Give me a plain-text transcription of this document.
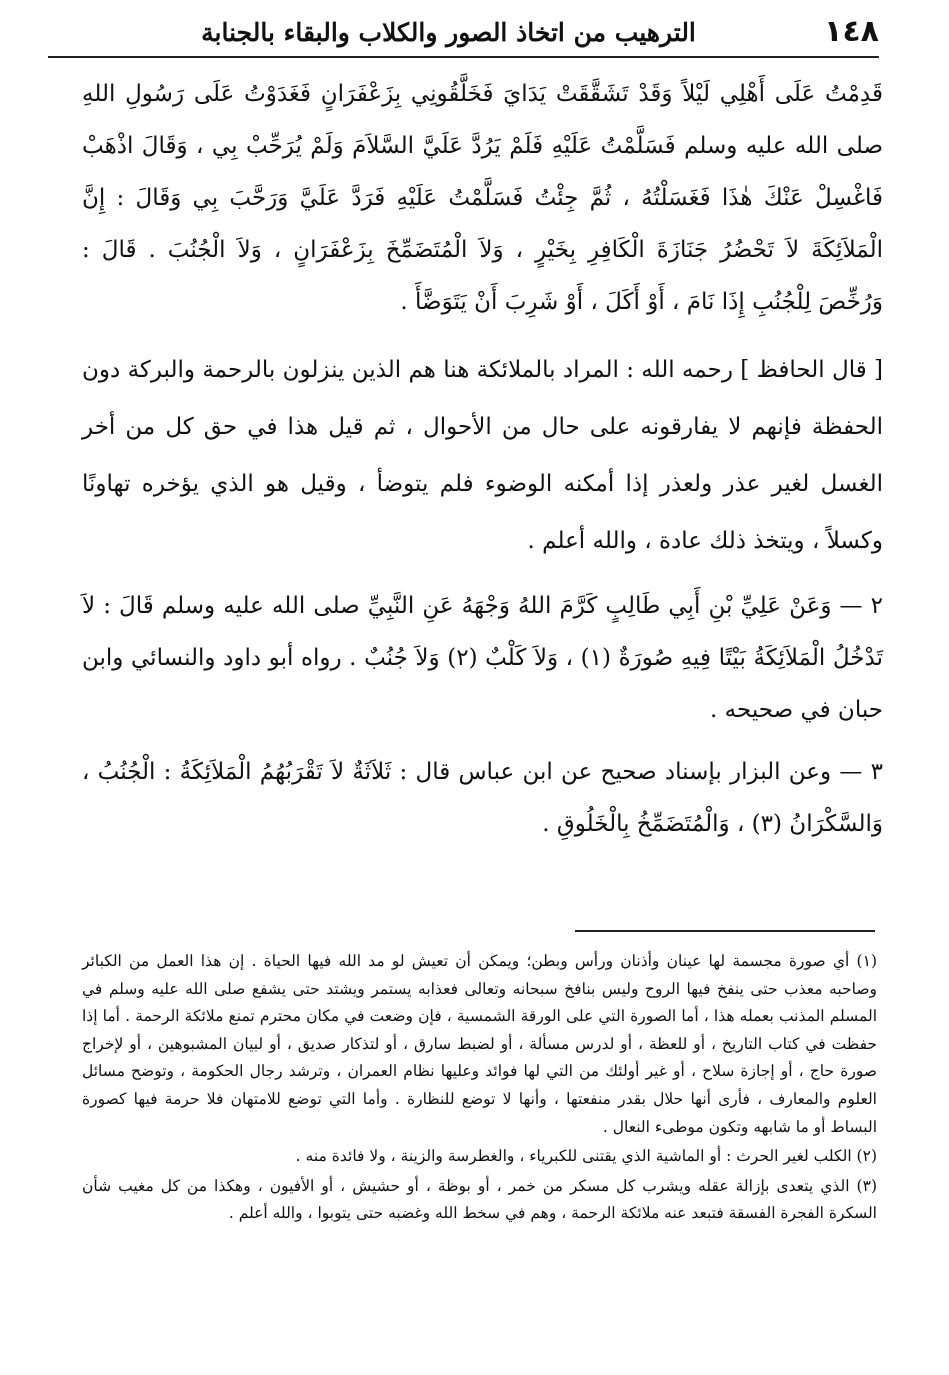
١٤٨
الترهيب من اتخاذ الصور والكلاب والبقاء بالجنابة

قَدِمْتُ عَلَى أَهْلِي لَيْلاً وَقَدْ تَشَقَّقَتْ يَدَايَ فَخَلَّقُونِي بِزَعْفَرَانٍ فَغَدَوْتُ عَلَى رَسُولِ اللهِ صلى الله عليه وسلم فَسَلَّمْتُ عَلَيْهِ فَلَمْ يَرُدَّ عَلَيَّ السَّلاَمَ وَلَمْ يُرَحِّبْ بِي ، وَقَالَ اذْهَبْ فَاغْسِلْ عَنْكَ هٰذَا فَغَسَلْتُهُ ، ثُمَّ جِئْتُ فَسَلَّمْتُ عَلَيْهِ فَرَدَّ عَلَيَّ وَرَحَّبَ بِي وَقَالَ : إِنَّ الْمَلاَئِكَةَ لاَ تَحْضُرُ جَنَازَةَ الْكَافِرِ بِخَيْرٍ ، وَلاَ الْمُتَضَمِّخَ بِزَعْفَرَانٍ ، وَلاَ الْجُنُبَ . قَالَ : وَرُخِّصَ لِلْجُنُبِ إِذَا نَامَ ، أَوْ أَكَلَ ، أَوْ شَرِبَ أَنْ يَتَوَضَّأَ .

[ قال الحافظ ] رحمه الله : المراد بالملائكة هنا هم الذين ينزلون بالرحمة والبركة دون الحفظة فإنهم لا يفارقونه على حال من الأحوال ، ثم قيل هذا في حق كل من أخر الغسل لغير عذر ولعذر إذا أمكنه الوضوء فلم يتوضأ ، وقيل هو الذي يؤخره تهاونًا وكسلاً ، ويتخذ ذلك عادة ، والله أعلم .

٢ — وَعَنْ عَلِيِّ بْنِ أَبِي طَالِبٍ كَرَّمَ اللهُ وَجْهَهُ عَنِ النَّبِيِّ صلى الله عليه وسلم قَالَ : لاَ تَدْخُلُ الْمَلاَئِكَةُ بَيْتًا فِيهِ صُورَةٌ (١) ، وَلاَ كَلْبٌ (٢) وَلاَ جُنُبٌ . رواه أبو داود والنسائي وابن حبان في صحيحه .

٣ — وعن البزار بإسناد صحيح عن ابن عباس قال : ثَلاَثَةٌ لاَ تَقْرَبُهُمُ الْمَلاَئِكَةُ : الْجُنُبُ ، وَالسَّكْرَانُ (٣) ، وَالْمُتَضَمِّخُ بِالْخَلُوقِ .

(١) أي صورة مجسمة لها عينان وأذنان ورأس وبطن؛ ويمكن أن تعيش لو مد الله فيها الحياة . إن هذا العمل من الكبائر وصاحبه معذب حتى ينفخ فيها الروح وليس بنافخ سبحانه وتعالى فعذابه يستمر ويشتد حتى يشفع صلى الله عليه وسلم في المسلم المذنب بعمله هذا ، أما الصورة التي على الورقة الشمسية ، فإن وضعت في مكان محترم تمنع ملائكة الرحمة . أما إذا حفظت في كتاب التاريخ ، أو للعظة ، أو لدرس مسألة ، أو لضبط سارق ، أو لتذكار صديق ، أو لبيان المشبوهين ، أو لإخراج صورة حاج ، أو إجازة سلاح ، أو غير أولئك من التي لها فوائد وعليها نظام العمران ، وترشد رجال الحكومة ، وتوضح مسائل العلوم والمعارف ، فأرى أنها حلال بقدر منفعتها ، وأنها لا توضع للنظارة . وأما التي توضع للامتهان فلا حرمة فيها كصورة البساط أو ما شابهه وتكون موطىء النعال .

(٢) الكلب لغير الحرث : أو الماشية الذي يقتنى للكبرياء ، والغطرسة والزينة ، ولا فائدة منه .

(٣) الذي يتعدى بإزالة عقله ويشرب كل مسكر من خمر ، أو بوظة ، أو حشيش ، أو الأفيون ، وهكذا من كل مغيب شأن السكرة الفجرة الفسقة فتبعد عنه ملائكة الرحمة ، وهم في سخط الله وغضبه حتى يتوبوا ، والله أعلم .
